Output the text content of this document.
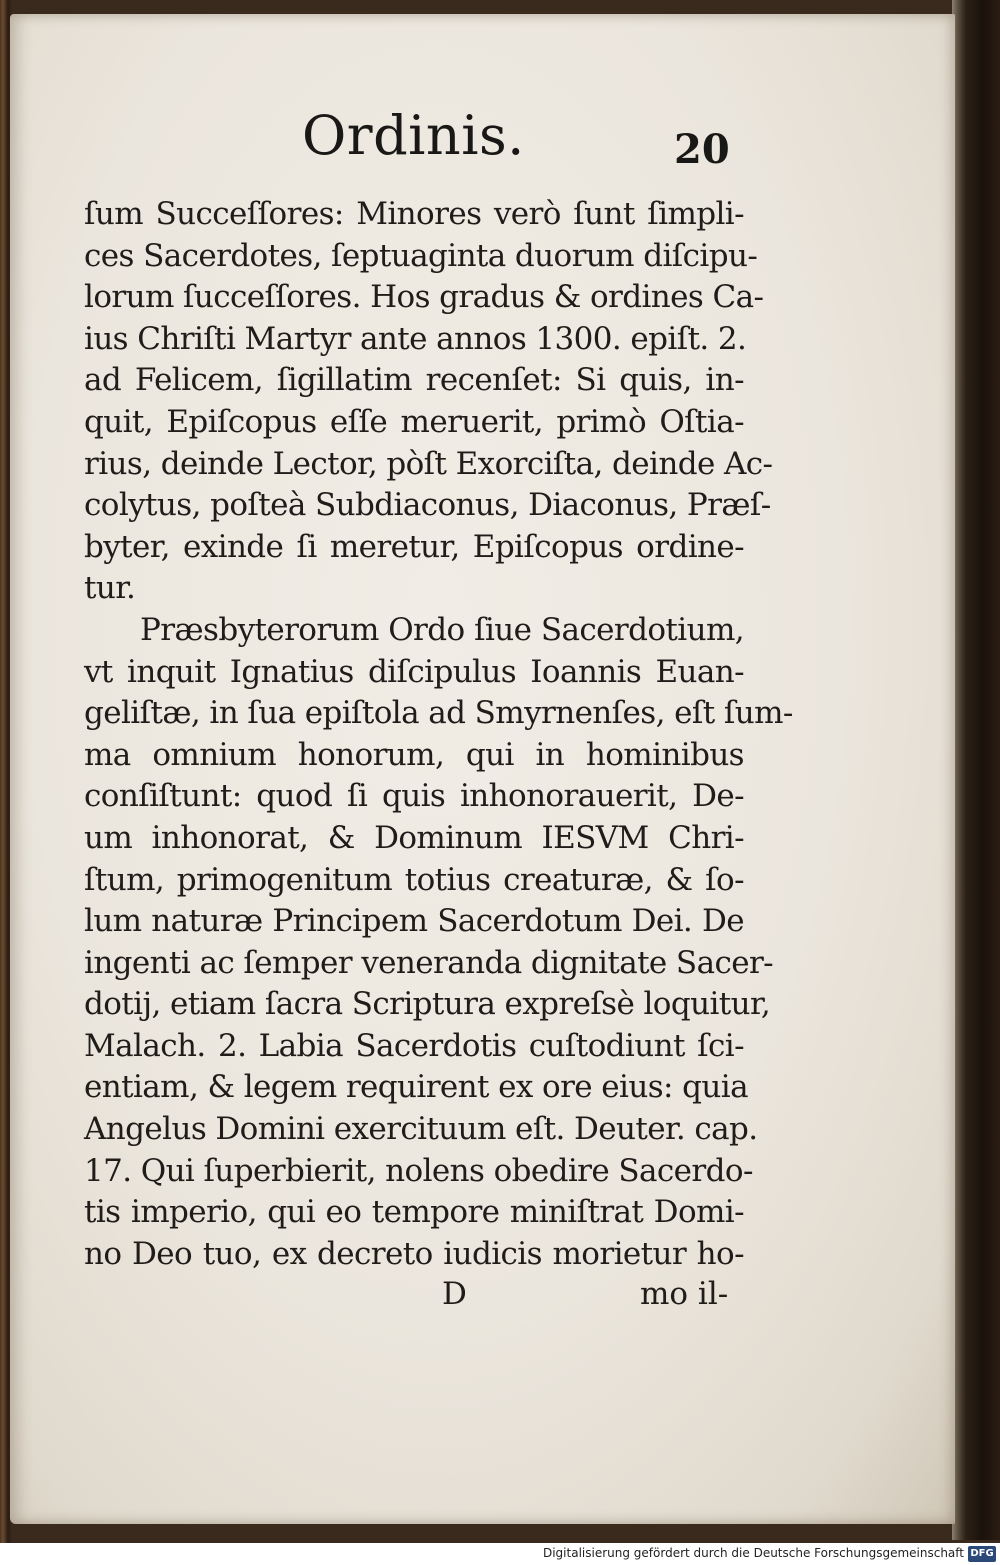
Ordinis.	20
ſum Succeſſores: Minores verò ſunt ſimpli-
ces Sacerdotes, ſeptuaginta duorum diſcipu-
lorum ſucceſſores. Hos gradus & ordines Ca-
ius Chriſti Martyr ante annos 1300. epiſt. 2.
ad Felicem, ſigillatim recenſet: Si quis, in-
quit, Epiſcopus eſſe meruerit, primò Oſtia-
rius, deinde Lector, pòſt Exorciſta, deinde Ac-
colytus, poſteà Subdiaconus, Diaconus, Præſ-
byter, exinde ſi meretur, Epiſcopus ordine-
tur.
Præsbyterorum Ordo ſiue Sacerdotium,
vt inquit Ignatius diſcipulus Ioannis Euan-
geliſtæ, in ſua epiſtola ad Smyrnenſes, eſt ſum-
ma omnium honorum, qui in hominibus
conſiſtunt: quod ſi quis inhonorauerit, De-
um inhonorat, & Dominum IESVM Chri-
ſtum, primogenitum totius creaturæ, & ſo-
lum naturæ Principem Sacerdotum Dei. De
ingenti ac ſemper veneranda dignitate Sacer-
dotij, etiam ſacra Scriptura expreſsè loquitur,
Malach. 2. Labia Sacerdotis cuſtodiunt ſci-
entiam, & legem requirent ex ore eius: quia
Angelus Domini exercituum eſt. Deuter. cap.
17. Qui ſuperbierit, nolens obedire Sacerdo-
tis imperio, qui eo tempore miniſtrat Domi-
no Deo tuo, ex decreto iudicis morietur ho-
D	mo il-
Digitalisierung gefördert durch die Deutsche Forschungsgemeinschaft DFG
